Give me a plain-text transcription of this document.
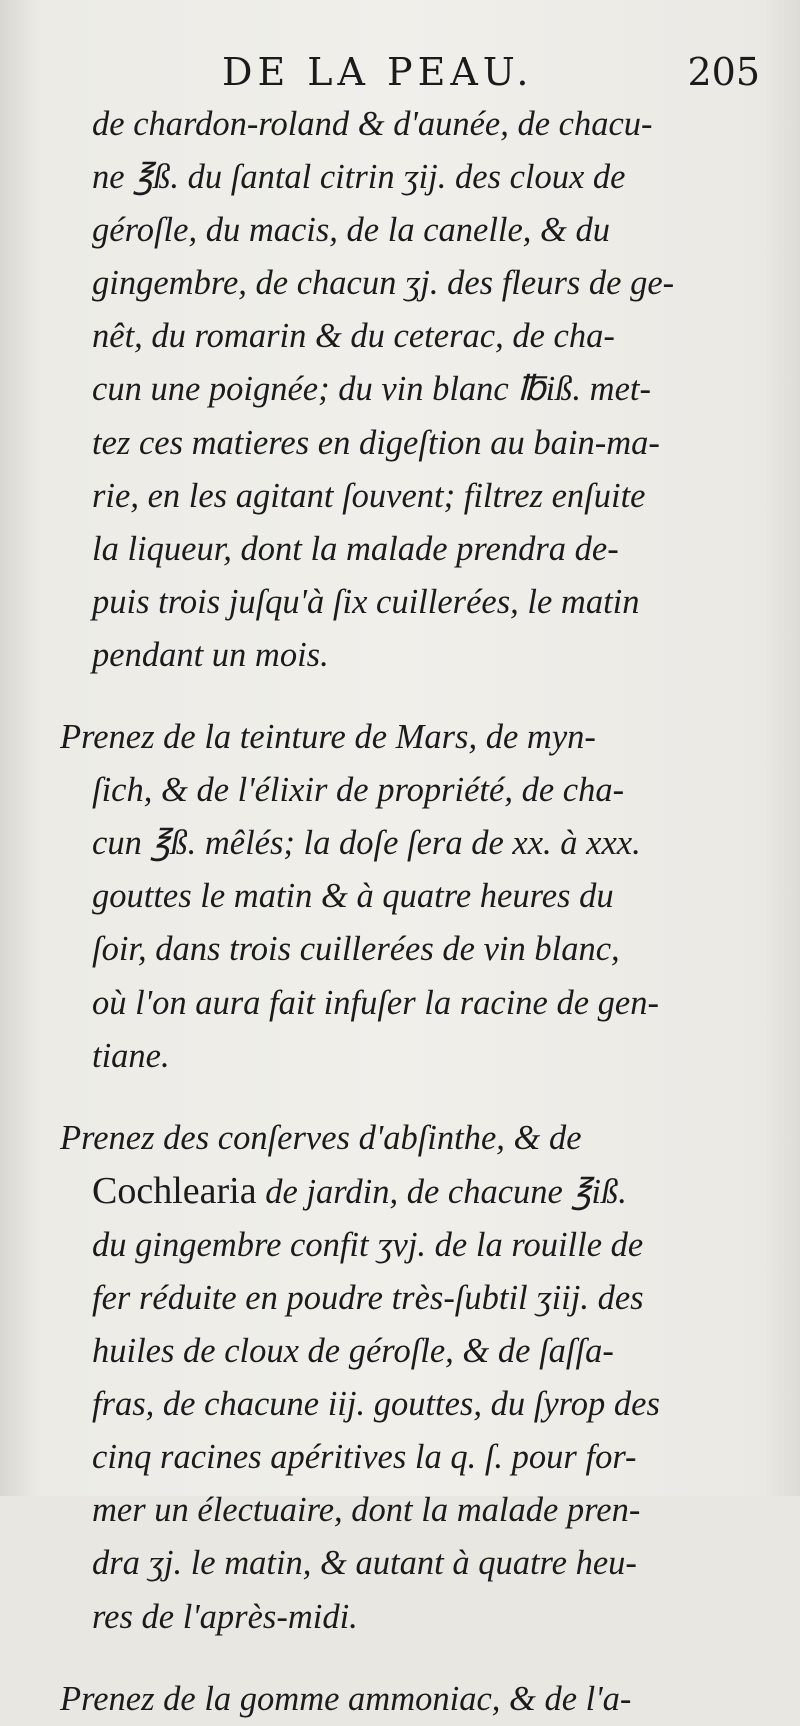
DE LA PEAU.	205
de chardon-roland & d'aunée, de chacu-
ne ℥ß. du ſantal citrin ʒij. des cloux de
géroſle, du macis, de la canelle, & du
gingembre, de chacun ʒj. des fleurs de ge-
nêt, du romarin & du ceterac, de cha-
cun une poignée; du vin blanc ℔iß. met-
tez ces matieres en digeſtion au bain-ma-
rie, en les agitant ſouvent; filtrez enſuite
la liqueur, dont la malade prendra de-
puis trois juſqu'à ſix cuillerées, le matin
pendant un mois.
Prenez de la teinture de Mars, de myn-
ſich, & de l'élixir de propriété, de cha-
cun ℥ß. mêlés; la doſe ſera de xx. à xxx.
gouttes le matin & à quatre heures du
ſoir, dans trois cuillerées de vin blanc,
où l'on aura fait infuſer la racine de gen-
tiane.
Prenez des conſerves d'abſinthe, & de
Cochlearia de jardin, de chacune ℥iß.
du gingembre confit ʒvj. de la rouille de
fer réduite en poudre très-ſubtil ʒiij. des
huiles de cloux de géroſle, & de ſaſſa-
fras, de chacune iij. gouttes, du ſyrop des
cinq racines apéritives la q. ſ. pour for-
mer un électuaire, dont la malade pren-
dra ʒj. le matin, & autant à quatre heu-
res de l'après-midi.
Prenez de la gomme ammoniac, & de l'a-
